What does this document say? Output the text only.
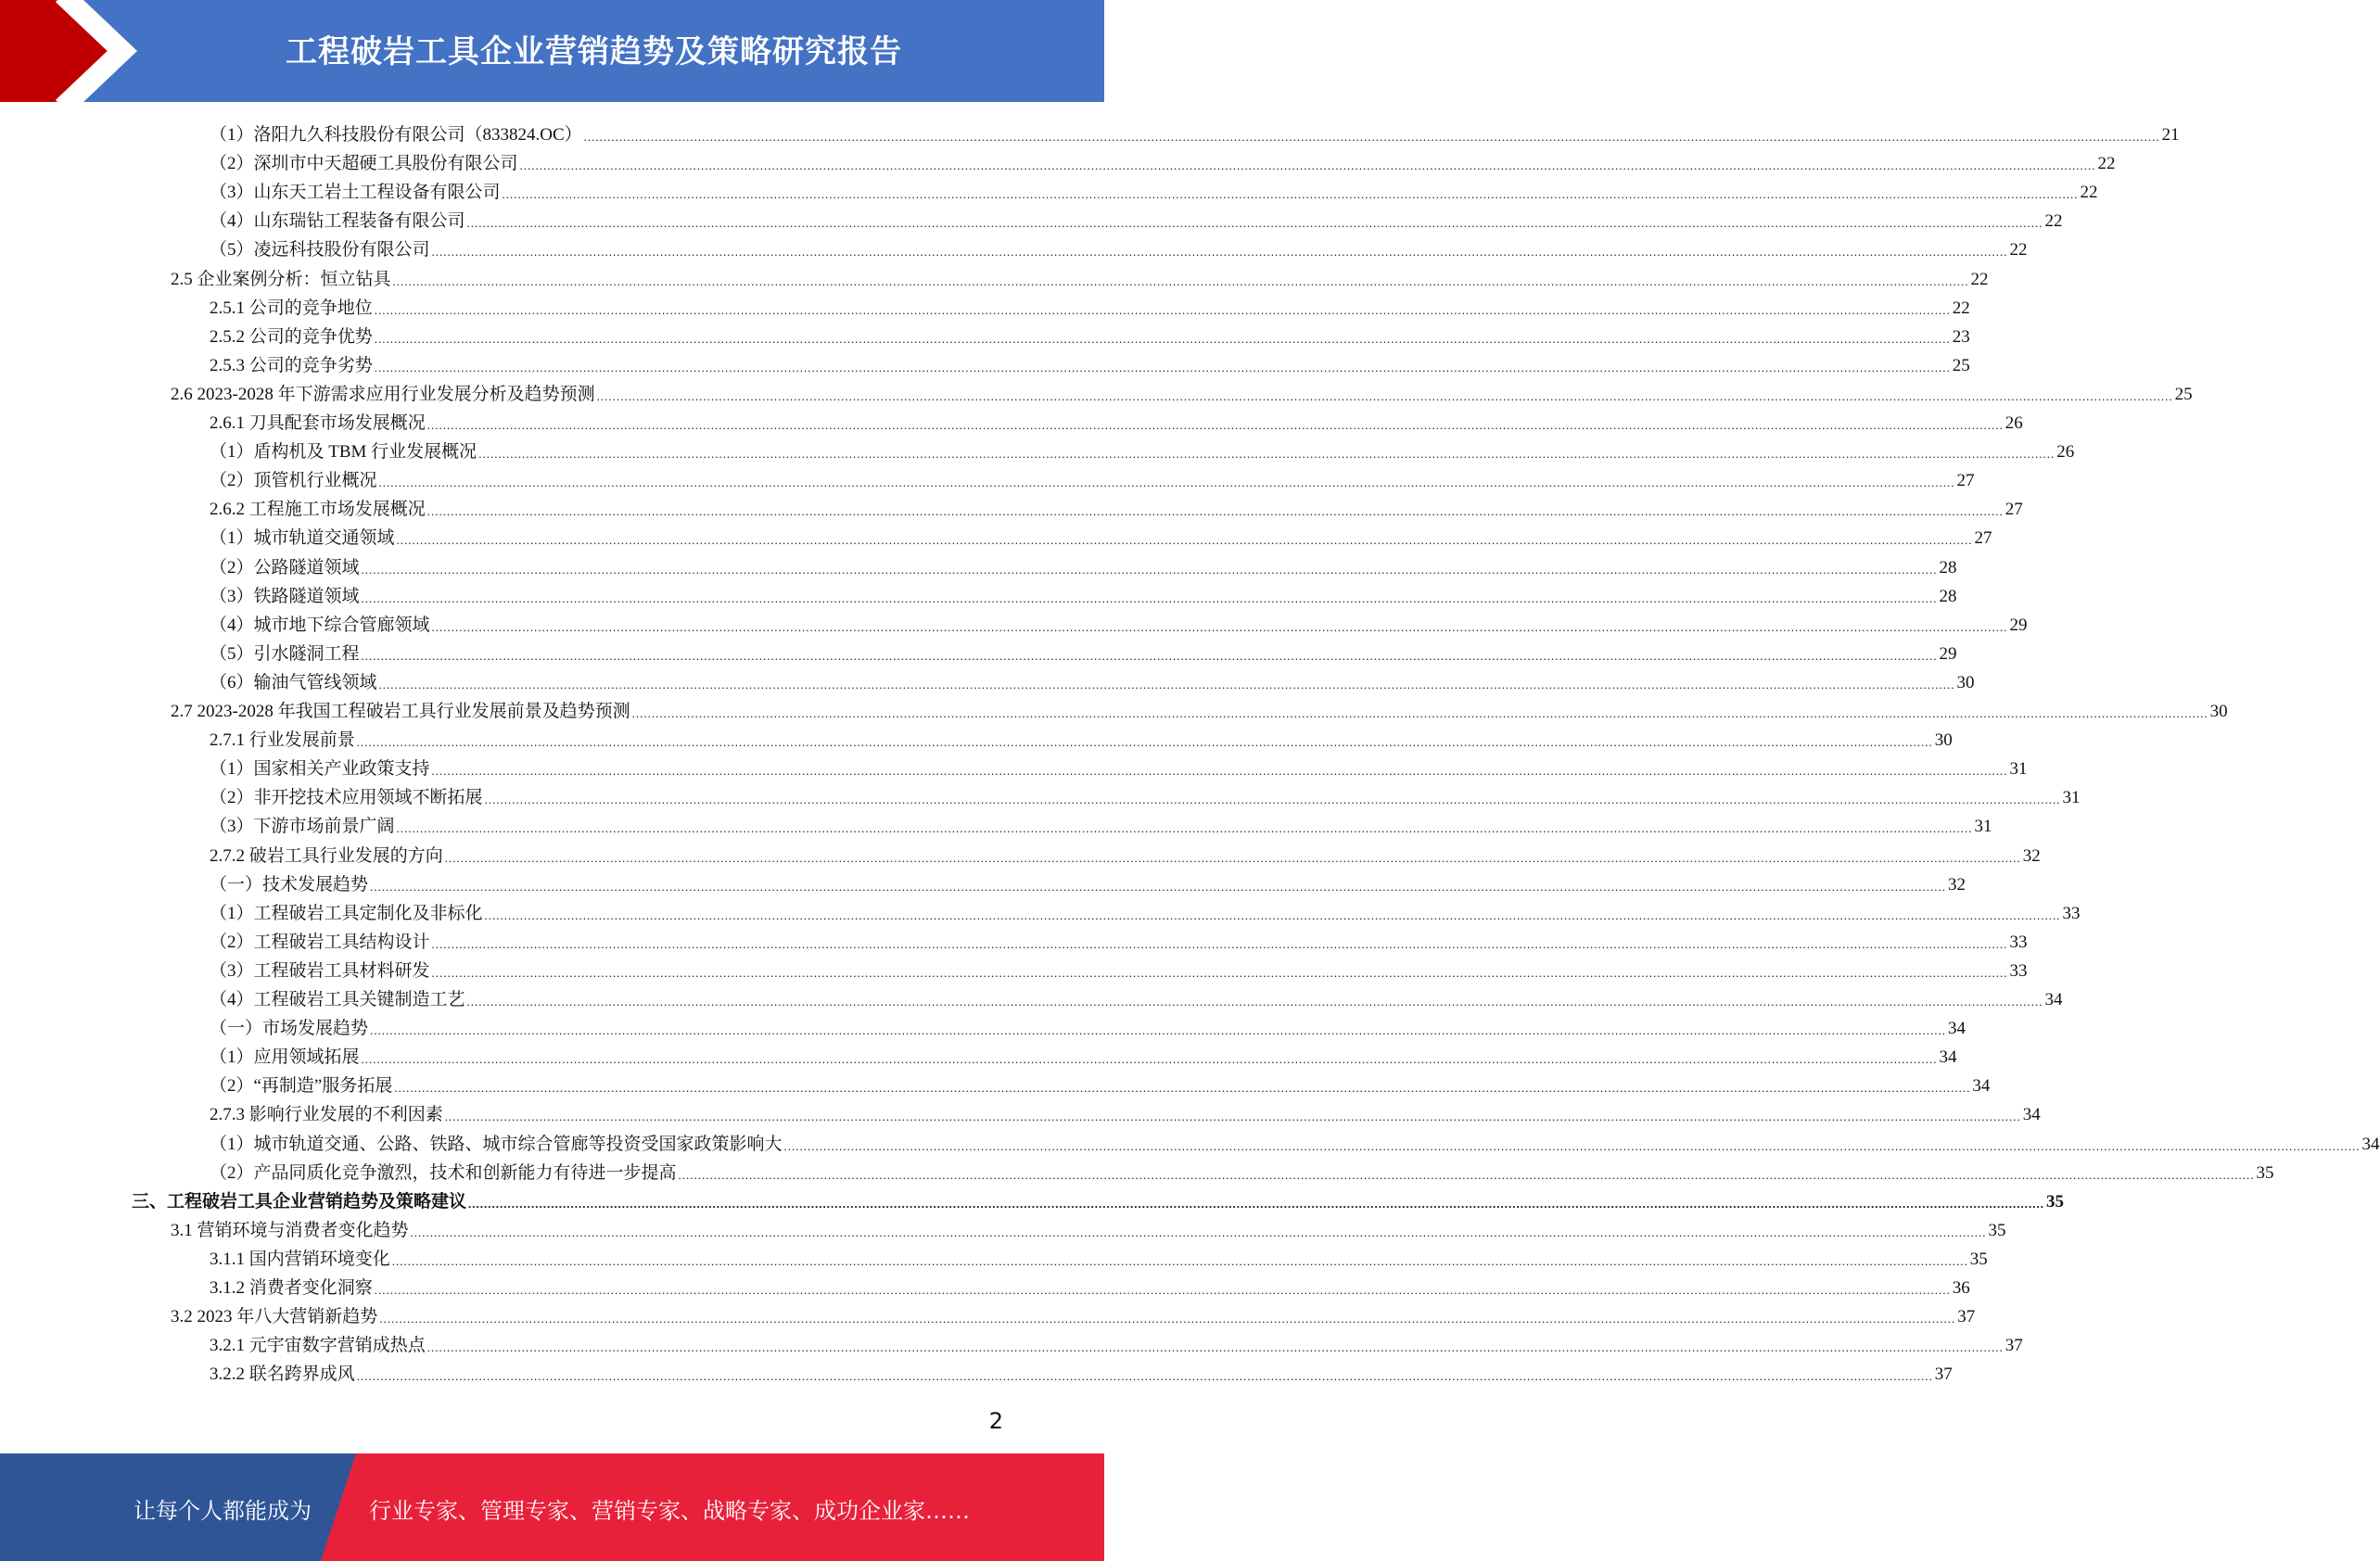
工程破岩工具企业营销趋势及策略研究报告
（1）洛阳九久科技股份有限公司（833824.OC） ................................................................................................................................................................................................................................................................................................................................................................................................................ 21
（2）深圳市中天超硬工具股份有限公司 ................................................................................................................................................................................................................................................................................................................................................................................................................ 22
（3）山东天工岩土工程设备有限公司 ................................................................................................................................................................................................................................................................................................................................................................................................................ 22
（4）山东瑞钻工程装备有限公司 ................................................................................................................................................................................................................................................................................................................................................................................................................ 22
（5）凌远科技股份有限公司 ................................................................................................................................................................................................................................................................................................................................................................................................................ 22
2.5 企业案例分析：恒立钻具 ................................................................................................................................................................................................................................................................................................................................................................................................................ 22
2.5.1 公司的竞争地位 ................................................................................................................................................................................................................................................................................................................................................................................................................ 22
2.5.2 公司的竞争优势 ................................................................................................................................................................................................................................................................................................................................................................................................................ 23
2.5.3 公司的竞争劣势 ................................................................................................................................................................................................................................................................................................................................................................................................................ 25
2.6 2023-2028 年下游需求应用行业发展分析及趋势预测 ................................................................................................................................................................................................................................................................................................................................................................................................................ 25
2.6.1 刀具配套市场发展概况 ................................................................................................................................................................................................................................................................................................................................................................................................................ 26
（1）盾构机及 TBM 行业发展概况 ................................................................................................................................................................................................................................................................................................................................................................................................................ 26
（2）顶管机行业概况 ................................................................................................................................................................................................................................................................................................................................................................................................................ 27
2.6.2 工程施工市场发展概况 ................................................................................................................................................................................................................................................................................................................................................................................................................ 27
（1）城市轨道交通领域 ................................................................................................................................................................................................................................................................................................................................................................................................................ 27
（2）公路隧道领域 ................................................................................................................................................................................................................................................................................................................................................................................................................ 28
（3）铁路隧道领域 ................................................................................................................................................................................................................................................................................................................................................................................................................ 28
（4）城市地下综合管廊领域 ................................................................................................................................................................................................................................................................................................................................................................................................................ 29
（5）引水隧洞工程 ................................................................................................................................................................................................................................................................................................................................................................................................................ 29
（6）输油气管线领域 ................................................................................................................................................................................................................................................................................................................................................................................................................ 30
2.7 2023-2028 年我国工程破岩工具行业发展前景及趋势预测 ................................................................................................................................................................................................................................................................................................................................................................................................................ 30
2.7.1 行业发展前景 ................................................................................................................................................................................................................................................................................................................................................................................................................ 30
（1）国家相关产业政策支持 ................................................................................................................................................................................................................................................................................................................................................................................................................ 31
（2）非开挖技术应用领域不断拓展 ................................................................................................................................................................................................................................................................................................................................................................................................................ 31
（3）下游市场前景广阔 ................................................................................................................................................................................................................................................................................................................................................................................................................ 31
2.7.2 破岩工具行业发展的方向 ................................................................................................................................................................................................................................................................................................................................................................................................................ 32
（一）技术发展趋势 ................................................................................................................................................................................................................................................................................................................................................................................................................ 32
（1）工程破岩工具定制化及非标化 ................................................................................................................................................................................................................................................................................................................................................................................................................ 33
（2）工程破岩工具结构设计 ................................................................................................................................................................................................................................................................................................................................................................................................................ 33
（3）工程破岩工具材料研发 ................................................................................................................................................................................................................................................................................................................................................................................................................ 33
（4）工程破岩工具关键制造工艺 ................................................................................................................................................................................................................................................................................................................................................................................................................ 34
（一）市场发展趋势 ................................................................................................................................................................................................................................................................................................................................................................................................................ 34
（1）应用领域拓展 ................................................................................................................................................................................................................................................................................................................................................................................................................ 34
（2）“再制造”服务拓展 ................................................................................................................................................................................................................................................................................................................................................................................................................ 34
2.7.3 影响行业发展的不利因素 ................................................................................................................................................................................................................................................................................................................................................................................................................ 34
（1）城市轨道交通、公路、铁路、城市综合管廊等投资受国家政策影响大 ................................................................................................................................................................................................................................................................................................................................................................................................................ 34
（2）产品同质化竞争激烈，技术和创新能力有待进一步提高 ................................................................................................................................................................................................................................................................................................................................................................................................................ 35
三、工程破岩工具企业营销趋势及策略建议 ................................................................................................................................................................................................................................................................................................................................................................................................................ 35
3.1 营销环境与消费者变化趋势 ................................................................................................................................................................................................................................................................................................................................................................................................................ 35
3.1.1 国内营销环境变化 ................................................................................................................................................................................................................................................................................................................................................................................................................ 35
3.1.2 消费者变化洞察 ................................................................................................................................................................................................................................................................................................................................................................................................................ 36
3.2 2023 年八大营销新趋势 ................................................................................................................................................................................................................................................................................................................................................................................................................ 37
3.2.1 元宇宙数字营销成热点 ................................................................................................................................................................................................................................................................................................................................................................................................................ 37
3.2.2 联名跨界成风 ................................................................................................................................................................................................................................................................................................................................................................................................................ 37
2
让每个人都能成为	行业专家、管理专家、营销专家、战略专家、成功企业家……
